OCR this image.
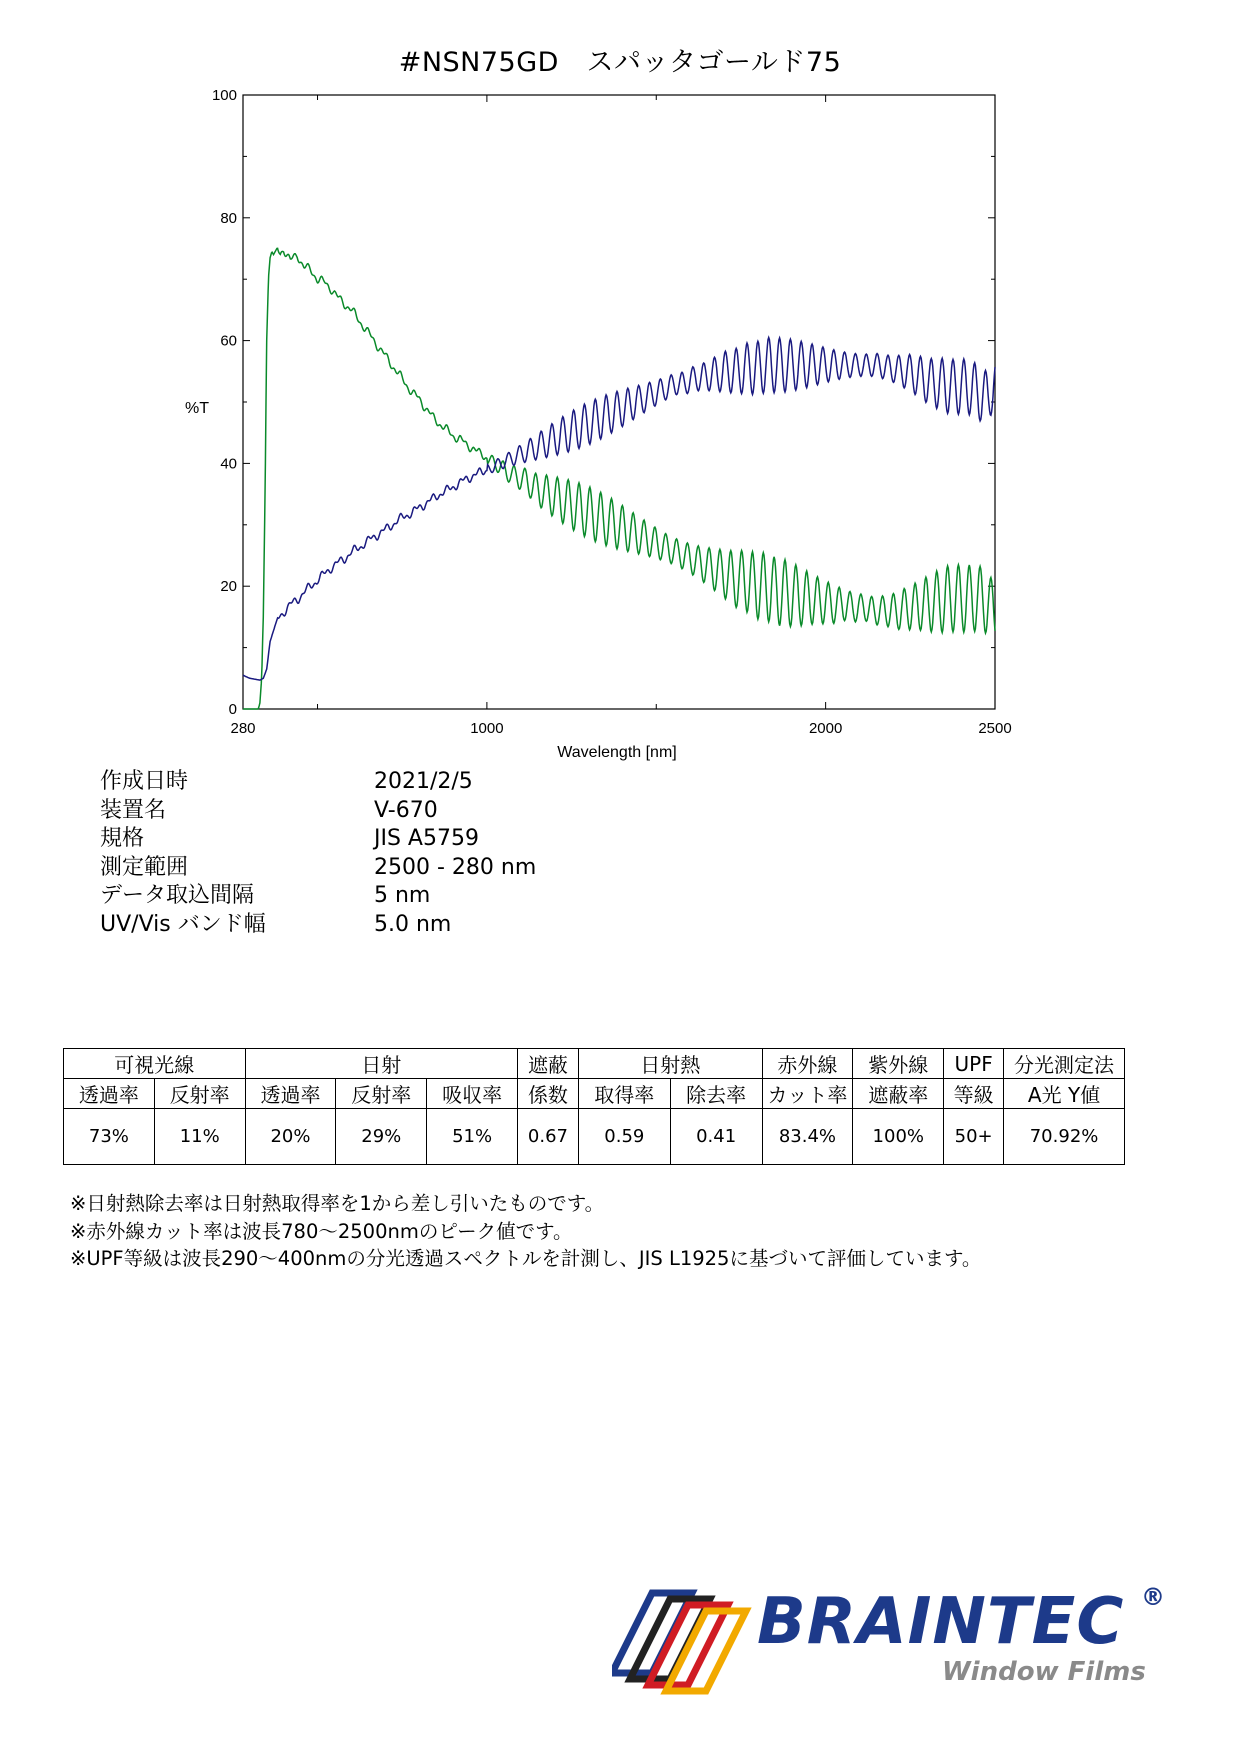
#NSN75GD　スパッタゴールド75
0
20
40
60
80
100
280	1000	2000	2500
%T
Wavelength [nm]
作成日時	2021/2/5
装置名	V-670
規格	JIS A5759
測定範囲	2500 - 280 nm
データ取込間隔	5 nm
UV/Vis バンド幅	5.0 nm
可視光線		日射			遮蔽	日射熱		赤外線	紫外線	UPF	分光測定法
透過率	反射率	透過率	反射率	吸収率	係数	取得率	除去率	カット率	遮蔽率	等級	A光 Y値
73%	11%	20%	29%	51%	0.67	0.59	0.41	83.4%	100%	50+	70.92%
※日射熱除去率は日射熱取得率を1から差し引いたものです。
※赤外線カット率は波長780～2500nmのピーク値です。
※UPF等級は波長290～400nmの分光透過スペクトルを計測し、JIS L1925に基づいて評価しています。
BRAINTEC ®
Window Films
